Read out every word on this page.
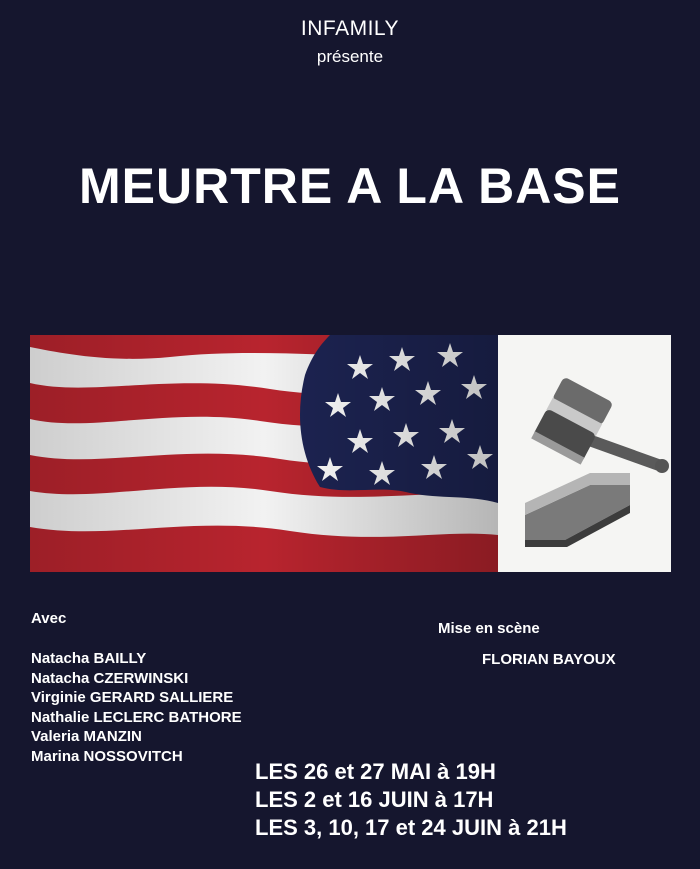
INFAMILY
présente
MEURTRE A LA BASE
Avec
Natacha BAILLY
Natacha CZERWINSKI
Virginie GERARD SALLIERE
Nathalie LECLERC BATHORE
Valeria MANZIN
Marina NOSSOVITCH
Mise en scène
FLORIAN BAYOUX
LES 26 et 27 MAI à 19H
LES 2 et 16 JUIN à 17H
LES 3, 10, 17 et 24 JUIN à 21H
